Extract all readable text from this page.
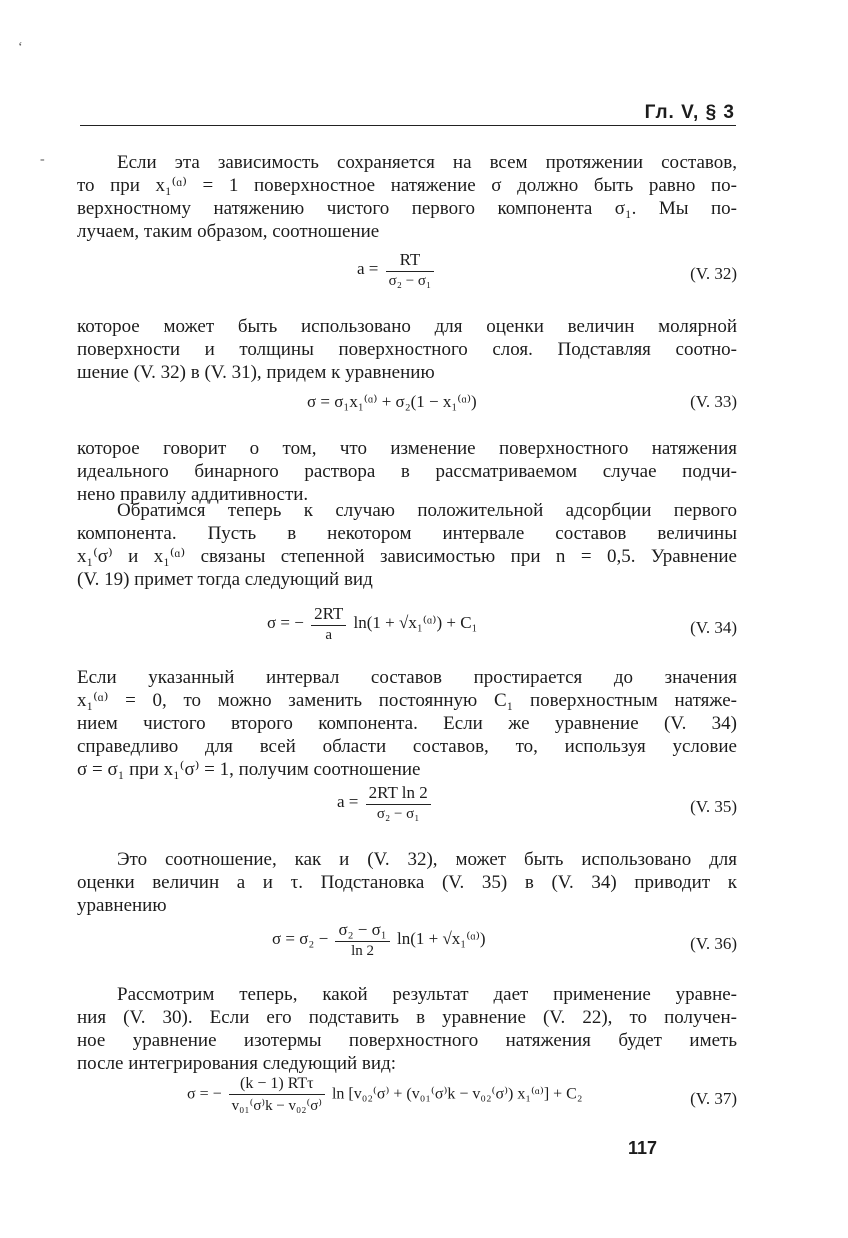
‘
-
Гл. V, § 3
Если эта зависимость сохраняется на всем протяжении составов,
то при x₁⁽ᵅ⁾ = 1 поверхностное натяжение σ должно быть равно по-
верхностному натяжению чистого первого компонента σ₁. Мы по-
лучаем, таким образом, соотношение
$a = \frac{RT}{\text{σ₂ − σ₁}}$	(V. 32)
которое может быть использовано для оценки величин молярной
поверхности и толщины поверхностного слоя. Подставляя соотно-
шение (V. 32) в (V. 31), придем к уравнению
σ = σ₁x₁⁽ᵅ⁾ + σ₂(1 − x₁⁽ᵅ⁾)	(V. 33)
которое говорит о том, что изменение поверхностного натяжения
идеального бинарного раствора в рассматриваемом случае подчи-
нено правилу аддитивности.
Обратимся теперь к случаю положительной адсорбции первого
компонента. Пусть в некотором интервале составов величины
x₁⁽σ⁾ и x₁⁽ᵅ⁾ связаны степенной зависимостью при n = 0,5. Уравнение
(V. 19) примет тогда следующий вид
σ = − $\frac{2RT}{a} \ln(1$ + √x₁⁽ᵅ⁾) + C₁	(V. 34)
Если указанный интервал составов простирается до значения
x₁⁽ᵅ⁾ = 0, то можно заменить постоянную C₁ поверхностным натяже-
нием чистого второго компонента. Если же уравнение (V. 34)
справедливо для всей области составов, то, используя условие
σ = σ₁ при x₁⁽σ⁾ = 1, получим соотношение
$a = \frac{\text{2RT ln 2}}{\text{σ₂ − σ₁}}$	(V. 35)
Это соотношение, как и (V. 32), может быть использовано для
оценки величин a и τ. Подстановка (V. 35) в (V. 34) приводит к
уравнению
$\sigma = \sigma_2 - \frac{\text{σ₂ − σ₁}}{\ln 2} \ln(1$ + √x₁⁽ᵅ⁾)	(V. 36)
Рассмотрим теперь, какой результат дает применение уравне-
ния (V. 30). Если его подставить в уравнение (V. 22), то получен-
ное уравнение изотермы поверхностного натяжения будет иметь
после интегрирования следующий вид:
σ = − $\frac{\text{(k − 1) RTτ}}{\text{v₀₁⁽σ⁾k − v₀₂⁽σ⁾}}$ ln [v₀₂⁽σ⁾ + (v₀₁⁽σ⁾k − v₀₂⁽σ⁾) x₁⁽ᵅ⁾] + C₂	(V. 37)
117
